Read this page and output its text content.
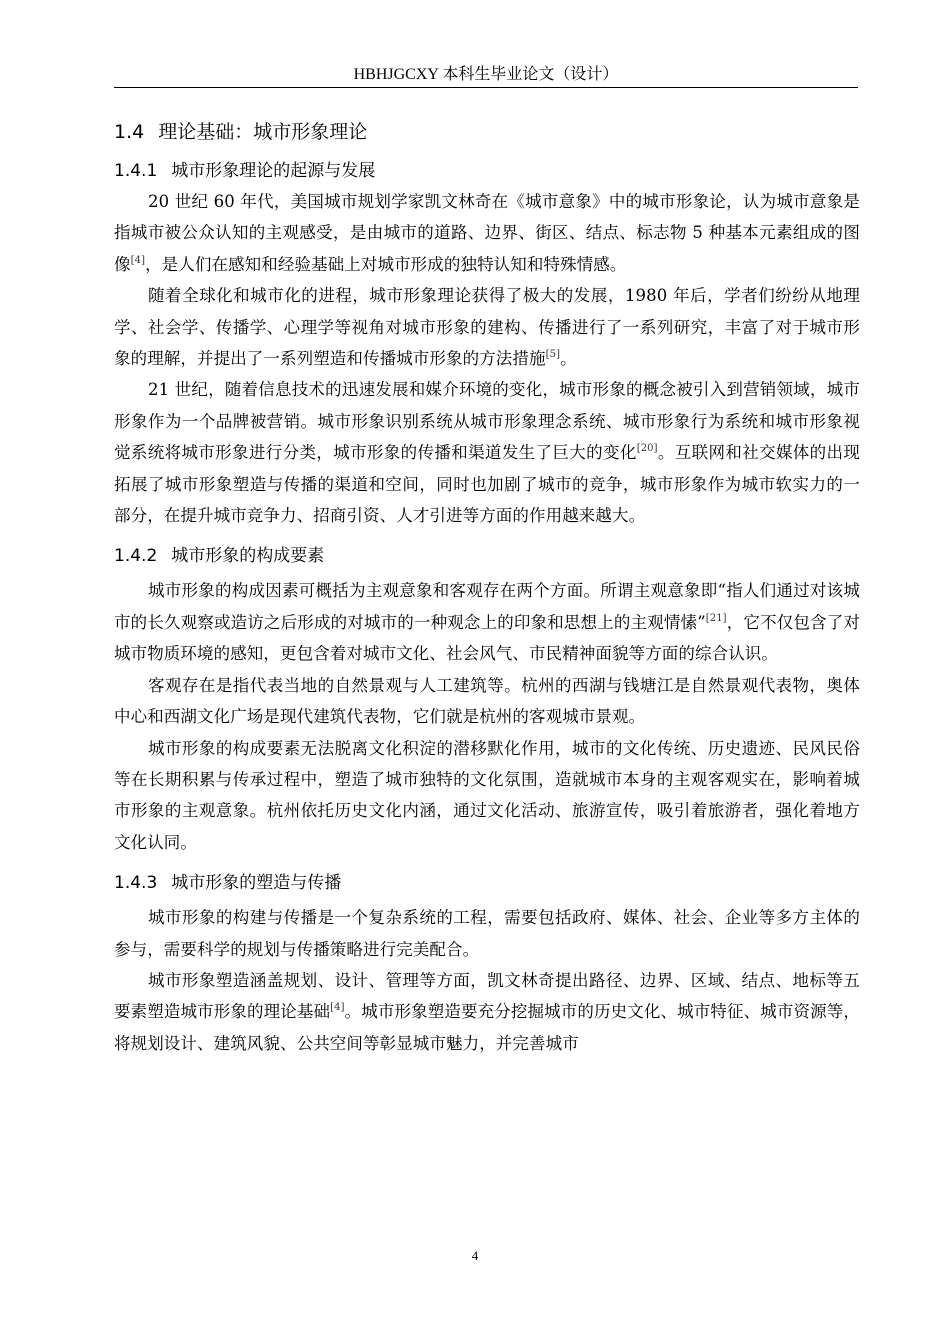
HBHJGCXY 本科生毕业论文（设计）
1.4 理论基础：城市形象理论
1.4.1 城市形象理论的起源与发展

20 世纪 60 年代，美国城市规划学家凯文林奇在《城市意象》中的城市形象论，认为城市意象是指城市被公众认知的主观感受，是由城市的道路、边界、街区、结点、标志物 5 种基本元素组成的图像[4]，是人们在感知和经验基础上对城市形成的独特认知和特殊情感。

随着全球化和城市化的进程，城市形象理论获得了极大的发展，1980 年后，学者们纷纷从地理学、社会学、传播学、心理学等视角对城市形象的建构、传播进行了一系列研究，丰富了对于城市形象的理解，并提出了一系列塑造和传播城市形象的方法措施[5]。

21 世纪，随着信息技术的迅速发展和媒介环境的变化，城市形象的概念被引入到营销领域，城市形象作为一个品牌被营销。城市形象识别系统从城市形象理念系统、城市形象行为系统和城市形象视觉系统将城市形象进行分类，城市形象的传播和渠道发生了巨大的变化[20]。互联网和社交媒体的出现拓展了城市形象塑造与传播的渠道和空间，同时也加剧了城市的竞争，城市形象作为城市软实力的一部分，在提升城市竞争力、招商引资、人才引进等方面的作用越来越大。

1.4.2 城市形象的构成要素

城市形象的构成因素可概括为主观意象和客观存在两个方面。所谓主观意象即“指人们通过对该城市的长久观察或造访之后形成的对城市的一种观念上的印象和思想上的主观情愫”[21]，它不仅包含了对城市物质环境的感知，更包含着对城市文化、社会风气、市民精神面貌等方面的综合认识。

客观存在是指代表当地的自然景观与人工建筑等。杭州的西湖与钱塘江是自然景观代表物，奥体中心和西湖文化广场是现代建筑代表物，它们就是杭州的客观城市景观。

城市形象的构成要素无法脱离文化积淀的潜移默化作用，城市的文化传统、历史遗迹、民风民俗等在长期积累与传承过程中，塑造了城市独特的文化氛围，造就城市本身的主观客观实在，影响着城市形象的主观意象。杭州依托历史文化内涵，通过文化活动、旅游宣传，吸引着旅游者，强化着地方文化认同。

1.4.3 城市形象的塑造与传播

城市形象的构建与传播是一个复杂系统的工程，需要包括政府、媒体、社会、企业等多方主体的参与，需要科学的规划与传播策略进行完美配合。

城市形象塑造涵盖规划、设计、管理等方面，凯文林奇提出路径、边界、区域、结点、地标等五要素塑造城市形象的理论基础[4]。城市形象塑造要充分挖掘城市的历史文化、城市特征、城市资源等，将规划设计、建筑风貌、公共空间等彰显城市魅力，并完善城市

4
